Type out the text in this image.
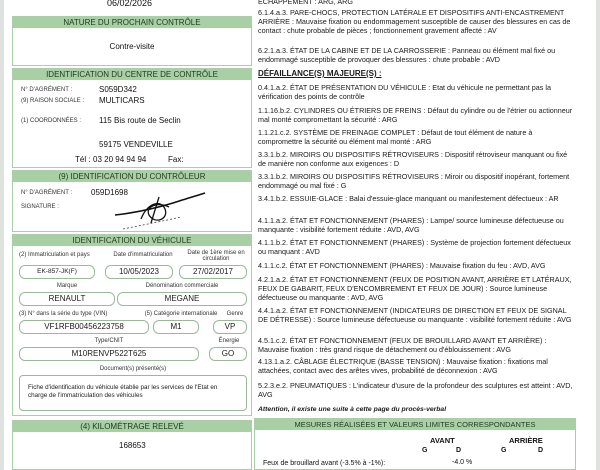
06/02/2026
NATURE DU PROCHAIN CONTRÔLE
Contre-visite
IDENTIFICATION DU CENTRE DE CONTRÔLE
N° D'AGRÉMENT :	S059D342
(9) RAISON SOCIALE : MULTICARS
(1) COORDONNÉES : 115 Bis route de Seclin
59175 VENDEVILLE
Tél : 03 20 94 94 94	Fax:
(9) IDENTIFICATION DU CONTRÔLEUR
N° D'AGRÉMENT : 059D1698
SIGNATURE :
IDENTIFICATION DU VÉHICULE
(2) Immatriculation et pays	Date d'immatriculation	Date de 1ère mise en circulation
EK-857-JK(F)	10/05/2023	27/02/2017
Marque	Dénomination commerciale
RENAULT	MEGANE
(3) N° dans la série du type (VIN)	(5) Catégorie internationale	Genre
VF1RFB00456223758	M1	VP
Type/CNIT	Énergie
M10RENVP522T625	GO
Document(s) présenté(s)
Fiche d'identification du véhicule établie par les services de l'Etat en charge de l'immatriculation des véhicules
(4) KILOMÉTRAGE RELEVÉ
168653
ECHAPPEMENT : ARG, ARG
6.1.4.a.3. PARE-CHOCS, PROTECTION LATÉRALE ET DISPOSITIFS ANTI-ENCASTREMENT ARRIÈRE : Mauvaise fixation ou endommagement susceptible de causer des blessures en cas de contact : chute probable de pièces ; fonctionnement gravement affecté : AV
6.2.1.a.3. ÉTAT DE LA CABINE ET DE LA CARROSSERIE : Panneau ou élément mal fixé ou endommagé susceptible de provoquer des blessures : chute probable : AVD
DÉFAILLANCE(S) MAJEURE(S) :
0.4.1.a.2. ÉTAT DE PRÉSENTATION DU VÉHICULE : Etat du véhicule ne permettant pas la vérification des points de contrôle
1.1.16.b.2. CYLINDRES OU ÉTRIERS DE FREINS : Défaut du cylindre ou de l'étrier ou actionneur mal monté compromettant la sécurité : ARG
1.1.21.c.2. SYSTÈME DE FREINAGE COMPLET : Défaut de tout élément de nature à compromettre la sécurité ou élément mal monté : ARG
3.3.1.b.2. MIROIRS OU DISPOSITIFS RÉTROVISEURS : Dispositif rétroviseur manquant ou fixé de manière non conforme aux exigences : D
3.3.1.b.2. MIROIRS OU DISPOSITIFS RÉTROVISEURS : Miroir ou dispositif inopérant, fortement endommagé ou mal fixé : G
3.4.1.b.2. ESSUIE-GLACE : Balai d'essuie-glace manquant ou manifestement défectueux : AR
4.1.1.a.2. ÉTAT ET FONCTIONNEMENT (PHARES) : Lampe/ source lumineuse défectueuse ou manquante : visibilité fortement réduite : AVD, AVG
4.1.1.b.2. ÉTAT ET FONCTIONNEMENT (PHARES) : Système de projection fortement défectueux ou manquant : AVD
4.1.1.c.2. ÉTAT ET FONCTIONNEMENT (PHARES) : Mauvaise fixation du feu : AVD, AVG
4.2.1.a.2. ÉTAT ET FONCTIONNEMENT (FEUX DE POSITION AVANT, ARRIÈRE ET LATÉRAUX, FEUX DE GABARIT, FEUX D'ENCOMBREMENT ET FEUX DE JOUR) : Source lumineuse défectueuse ou manquante : AVD, AVG
4.4.1.a.2. ÉTAT ET FONCTIONNEMENT (INDICATEURS DE DIRECTION ET FEUX DE SIGNAL DE DÉTRESSE) : Source lumineuse défectueuse ou manquante : visibilité fortement réduite : AVG
4.5.1.c.2. ÉTAT ET FONCTIONNEMENT (FEUX DE BROUILLARD AVANT ET ARRIÈRE) : Mauvaise fixation : très grand risque de détachement ou d'éblouissement : AVG
4.13.1.a.2. CÂBLAGE ÉLECTRIQUE (BASSE TENSION) : Mauvaise fixation : fixations mal attachées, contact avec des arêtes vives, probabilité de déconnexion : AVG
5.2.3.e.2. PNEUMATIQUES : L'indicateur d'usure de la profondeur des sculptures est atteint : AVD, AVG
Attention, il existe une suite à cette page du procès-verbal
MESURES RÉALISÉES ET VALEURS LIMITES CORRESPONDANTES
AVANT	ARRIÈRE
G	D	G	D
Feux de brouillard avant (-3.5% à -1%):	-4.0 %
